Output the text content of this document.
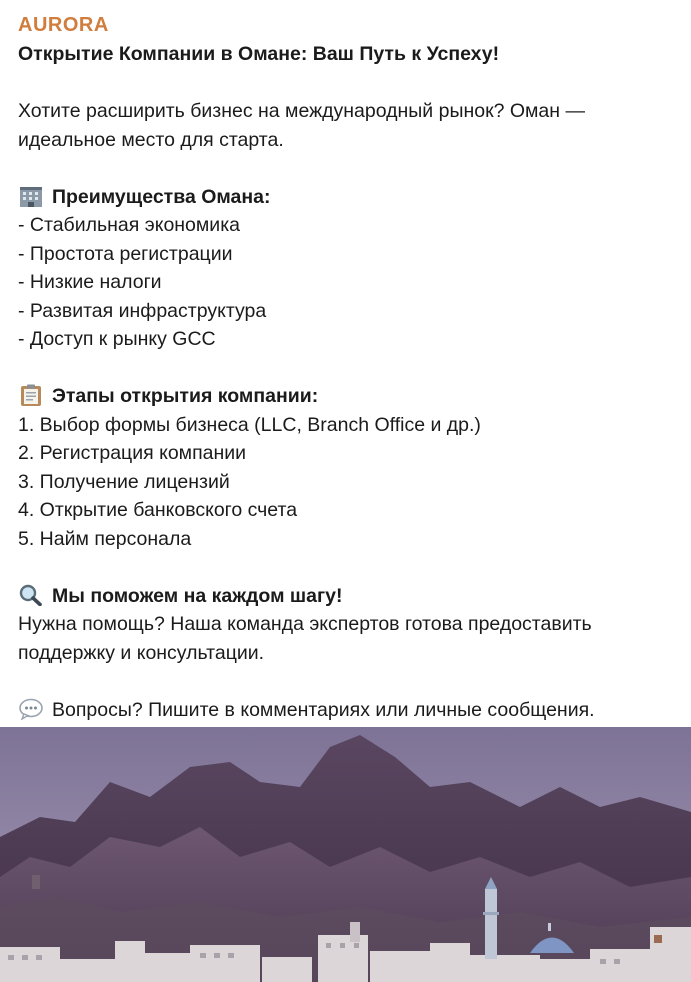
AURORA
Открытие Компании в Омане: Ваш Путь к Успеху!
Хотите расширить бизнес на международный рынок? Оман —
идеальное место для старта.
Преимущества Омана:
- Стабильная экономика
- Простота регистрации
- Низкие налоги
- Развитая инфраструктура
- Доступ к рынку GCC
Этапы открытия компании:
1. Выбор формы бизнеса (LLC, Branch Office и др.)
2. Регистрация компании
3. Получение лицензий
4. Открытие банковского счета
5. Найм персонала
Мы поможем на каждом шагу!
Нужна помощь? Наша команда экспертов готова предоставить
поддержку и консультации.
Вопросы? Пишите в комментариях или личные сообщения.
